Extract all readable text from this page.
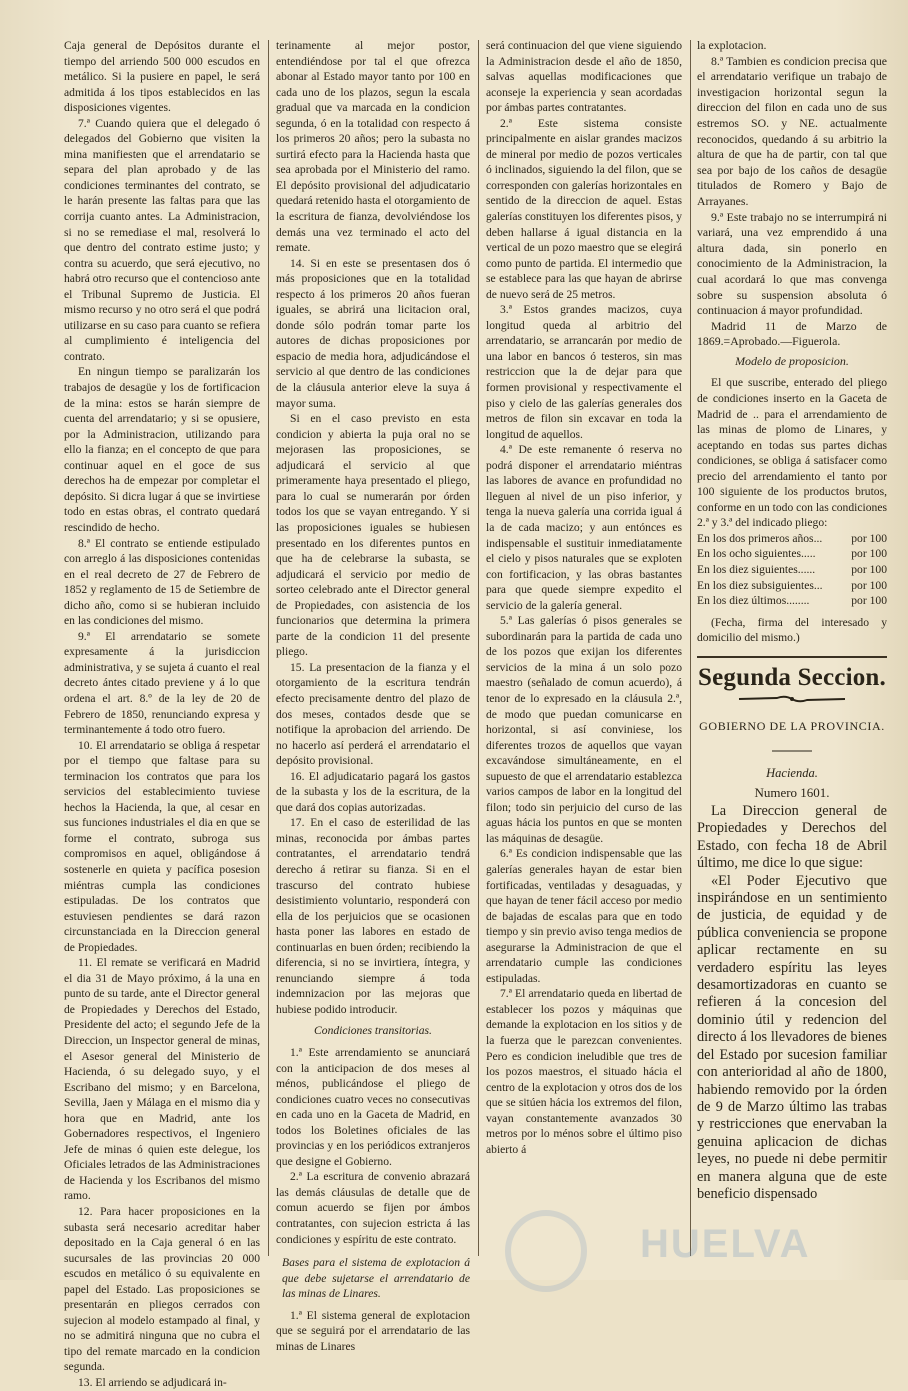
Caja general de Depósitos durante el tiempo del arriendo 500 000 escudos en metálico. Si la pusiere en papel, le será admitida á los tipos establecidos en las disposiciones vigentes.

7.ª Cuando quiera que el delegado ó delegados del Gobierno que visiten la mina manifiesten que el arrendatario se separa del plan aprobado y de las condiciones terminantes del contrato, se le harán presente las faltas para que las corrija cuanto antes. La Administracion, si no se remediase el mal, resolverá lo que dentro del contrato estime justo; y contra su acuerdo, que será ejecutivo, no habrá otro recurso que el contencioso ante el Tribunal Supremo de Justicia. El mismo recurso y no otro será el que podrá utilizarse en su caso para cuanto se refiera al cumplimiento é inteligencia del contrato.

En ningun tiempo se paralizarán los trabajos de desagüe y los de fortificacion de la mina: estos se harán siempre de cuenta del arrendatario; y si se opusiere, por la Administracion, utilizando para ello la fianza; en el concepto de que para continuar aquel en el goce de sus derechos ha de empezar por completar el depósito. Si dicra lugar á que se invirtiese todo en estas obras, el contrato quedará rescindido de hecho.

8.ª El contrato se entiende estipulado con arreglo á las disposiciones contenidas en el real decreto de 27 de Febrero de 1852 y reglamento de 15 de Setiembre de dicho año, como si se hubieran incluido en las condiciones del mismo.

9.ª El arrendatario se somete expresamente á la jurisdiccion administrativa, y se sujeta á cuanto el real decreto ántes citado previene y á lo que ordena el art. 8.º de la ley de 20 de Febrero de 1850, renunciando expresa y terminantemente á todo otro fuero.

10. El arrendatario se obliga á respetar por el tiempo que faltase para su terminacion los contratos que para los servicios del establecimiento tuviese hechos la Hacienda, la que, al cesar en sus funciones industriales el dia en que se forme el contrato, subroga sus compromisos en aquel, obligándose á sostenerle en quieta y pacífica posesion miéntras cumpla las condiciones estipuladas. De los contratos que estuviesen pendientes se dará razon circunstanciada en la Direccion general de Propiedades.

11. El remate se verificará en Madrid el dia 31 de Mayo próximo, á la una en punto de su tarde, ante el Director general de Propiedades y Derechos del Estado, Presidente del acto; el segundo Jefe de la Direccion, un Inspector general de minas, el Asesor general del Ministerio de Hacienda, ó su delegado suyo, y el Escribano del mismo; y en Barcelona, Sevilla, Jaen y Málaga en el mismo dia y hora que en Madrid, ante los Gobernadores respectivos, el Ingeniero Jefe de minas ó quien este delegue, los Oficiales letrados de las Administraciones de Hacienda y los Escribanos del mismo ramo.

12. Para hacer proposiciones en la subasta será necesario acreditar haber depositado en la Caja general ó en las sucursales de las provincias 20 000 escudos en metálico ó su equivalente en papel del Estado. Las proposiciones se presentarán en pliegos cerrados con sujecion al modelo estampado al final, y no se admitirá ninguna que no cubra el tipo del remate marcado en la condicion segunda.

13. El arriendo se adjudicará in-

terinamente al mejor postor, entendiéndose por tal el que ofrezca abonar al Estado mayor tanto por 100 en cada uno de los plazos, segun la escala gradual que va marcada en la condicion segunda, ó en la totalidad con respecto á los primeros 20 años; pero la subasta no surtirá efecto para la Hacienda hasta que sea aprobada por el Ministerio del ramo. El depósito provisional del adjudicatario quedará retenido hasta el otorgamiento de la escritura de fianza, devolviéndose los demás una vez terminado el acto del remate.

14. Si en este se presentasen dos ó más proposiciones que en la totalidad respecto á los primeros 20 años fueran iguales, se abrirá una licitacion oral, donde sólo podrán tomar parte los autores de dichas proposiciones por espacio de media hora, adjudicándose el servicio al que dentro de las condiciones de la cláusula anterior eleve la suya á mayor suma.

Si en el caso previsto en esta condicion y abierta la puja oral no se mejorasen las proposiciones, se adjudicará el servicio al que primeramente haya presentado el pliego, para lo cual se numerarán por órden todos los que se vayan entregando. Y si las proposiciones iguales se hubiesen presentado en los diferentes puntos en que ha de celebrarse la subasta, se adjudicará el servicio por medio de sorteo celebrado ante el Director general de Propiedades, con asistencia de los funcionarios que determina la primera parte de la condicion 11 del presente pliego.

15. La presentacion de la fianza y el otorgamiento de la escritura tendrán efecto precisamente dentro del plazo de dos meses, contados desde que se notifique la aprobacion del arriendo. De no hacerlo así perderá el arrendatario el depósito provisional.

16. El adjudicatario pagará los gastos de la subasta y los de la escritura, de la que dará dos copias autorizadas.

17. En el caso de esterilidad de las minas, reconocida por ámbas partes contratantes, el arrendatario tendrá derecho á retirar su fianza. Si en el trascurso del contrato hubiese desistimiento voluntario, responderá con ella de los perjuicios que se ocasionen hasta poner las labores en estado de continuarlas en buen órden; recibiendo la diferencia, si no se invirtiera, íntegra, y renunciando siempre á toda indemnizacion por las mejoras que hubiese podido introducir.

Condiciones transitorias.

1.ª Este arrendamiento se anunciará con la anticipacion de dos meses al ménos, publicándose el pliego de condiciones cuatro veces no consecutivas en cada uno en la Gaceta de Madrid, en todos los Boletines oficiales de las provincias y en los periódicos extranjeros que designe el Gobierno.

2.ª La escritura de convenio abrazará las demás cláusulas de detalle que de comun acuerdo se fijen por ámbos contratantes, con sujecion estricta á las condiciones y espíritu de este contrato.

Bases para el sistema de explotacion á que debe sujetarse el arrendatario de las minas de Linares.

1.ª El sistema general de explotacion que se seguirá por el arrendatario de las minas de Linares

será continuacion del que viene siguiendo la Administracion desde el año de 1850, salvas aquellas modificaciones que aconseje la experiencia y sean acordadas por ámbas partes contratantes.

2.ª Este sistema consiste principalmente en aislar grandes macizos de mineral por medio de pozos verticales ó inclinados, siguiendo la del filon, que se corresponden con galerías horizontales en sentido de la direccion de aquel. Estas galerías constituyen los diferentes pisos, y deben hallarse á igual distancia en la vertical de un pozo maestro que se elegirá como punto de partida. El intermedio que se establece para las que hayan de abrirse de nuevo será de 25 metros.

3.ª Estos grandes macizos, cuya longitud queda al arbitrio del arrendatario, se arrancarán por medio de una labor en bancos ó testeros, sin mas restriccion que la de dejar para que formen provisional y respectivamente el piso y cielo de las galerías generales dos metros de filon sin excavar en toda la longitud de aquellos.

4.ª De este remanente ó reserva no podrá disponer el arrendatario miéntras las labores de avance en profundidad no lleguen al nivel de un piso inferior, y tenga la nueva galería una corrida igual á la de cada macizo; y aun entónces es indispensable el sustituir inmediatamente el cielo y pisos naturales que se exploten con fortificacion, y las obras bastantes para que quede siempre expedito el servicio de la galería general.

5.ª Las galerías ó pisos generales se subordinarán para la partida de cada uno de los pozos que exijan los diferentes servicios de la mina á un solo pozo maestro (señalado de comun acuerdo), á tenor de lo expresado en la cláusula 2.ª, de modo que puedan comunicarse en horizontal, si así conviniese, los diferentes trozos de aquellos que vayan excavándose simultáneamente, en el supuesto de que el arrendatario establezca varios campos de labor en la longitud del filon; todo sin perjuicio del curso de las aguas hácia los puntos en que se monten las máquinas de desagüe.

6.ª Es condicion indispensable que las galerías generales hayan de estar bien fortificadas, ventiladas y desaguadas, y que hayan de tener fácil acceso por medio de bajadas de escalas para que en todo tiempo y sin previo aviso tenga medios de asegurarse la Administracion de que el arrendatario cumple las condiciones estipuladas.

7.ª El arrendatario queda en libertad de establecer los pozos y máquinas que demande la explotacion en los sitios y de la fuerza que le parezcan convenientes. Pero es condicion ineludible que tres de los pozos maestros, el situado hácia el centro de la explotacion y otros dos de los que se sitúen hácia los extremos del filon, vayan constantemente avanzados 30 metros por lo ménos sobre el último piso abierto á

la explotacion.

8.ª Tambien es condicion precisa que el arrendatario verifique un trabajo de investigacion horizontal segun la direccion del filon en cada uno de sus estremos SO. y NE. actualmente reconocidos, quedando á su arbitrio la altura de que ha de partir, con tal que sea por bajo de los caños de desagüe titulados de Romero y Bajo de Arrayanes.

9.ª Este trabajo no se interrumpirá ni variará, una vez emprendido á una altura dada, sin ponerlo en conocimiento de la Administracion, la cual acordará lo que mas convenga sobre su suspension absoluta ó continuacion á mayor profundidad.

Madrid 11 de Marzo de 1869.=Aprobado.—Figuerola.

Modelo de proposicion.

El que suscribe, enterado del pliego de condiciones inserto en la Gaceta de Madrid de .. para el arrendamiento de las minas de plomo de Linares, y aceptando en todas sus partes dichas condiciones, se obliga á satisfacer como precio del arrendamiento el tanto por 100 siguiente de los productos brutos, conforme en un todo con las condiciones 2.ª y 3.ª del indicado pliego:

En los dos primeros años... por 100
En los ocho siguientes.....	por 100
En los diez siguientes......	por 100
En los diez subsiguientes... por 100
En los diez últimos........	por 100

(Fecha, firma del interesado y domicilio del mismo.)

Segunda Seccion.
GOBIERNO DE LA PROVINCIA.
Hacienda.
Numero 1601.

La Direccion general de Propiedades y Derechos del Estado, con fecha 18 de Abril último, me dice lo que sigue:

«El Poder Ejecutivo que inspirándose en un sentimiento de justicia, de equidad y de pública conveniencia se propone aplicar rectamente en su verdadero espíritu las leyes desamortizadoras en cuanto se refieren á la concesion del dominio útil y redencion del directo á los llevadores de bienes del Estado por sucesion familiar con anterioridad al año de 1800, habiendo removido por la órden de 9 de Marzo último las trabas y restricciones que enervaban la genuina aplicacion de dichas leyes, no puede ni debe permitir en manera alguna que de este beneficio dispensado

HUELVA
